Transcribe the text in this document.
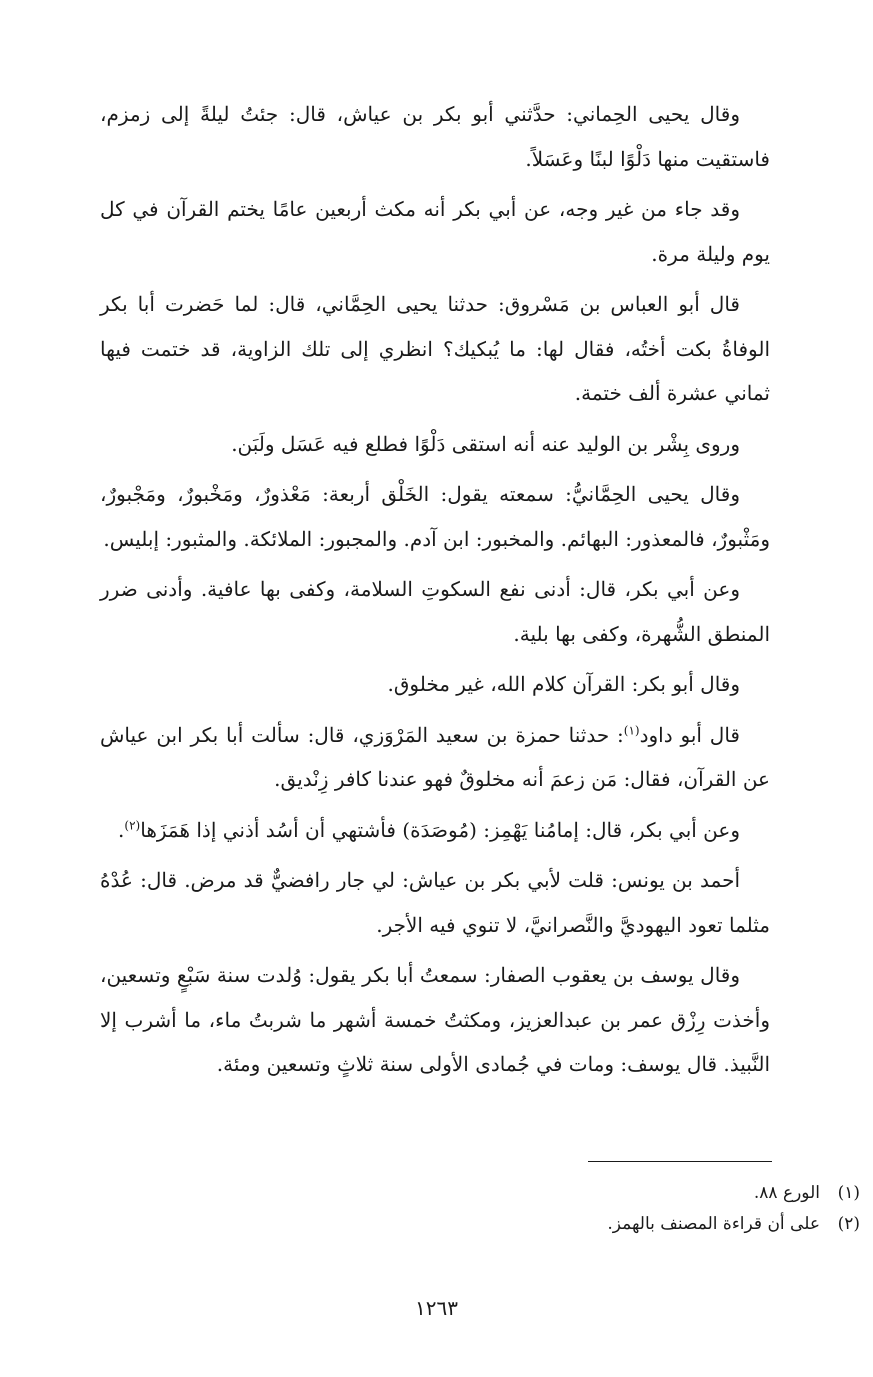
وقال يحيى الحِماني: حدَّثني أبو بكر بن عياش، قال: جئتُ ليلةً إلى زمزم، فاستقيت منها دَلْوًا لبنًا وعَسَلاً.

وقد جاء من غير وجه، عن أبي بكر أنه مكث أربعين عامًا يختم القرآن في كل يوم وليلة مرة.

قال أبو العباس بن مَسْروق: حدثنا يحيى الحِمَّاني، قال: لما حَضرت أبا بكر الوفاةُ بكت أختُه، فقال لها: ما يُبكيك؟ انظري إلى تلك الزاوية، قد ختمت فيها ثماني عشرة ألف ختمة.

وروى بِشْر بن الوليد عنه أنه استقى دَلْوًا فطلع فيه عَسَل ولَبَن.

وقال يحيى الحِمَّانيُّ: سمعته يقول: الخَلْق أربعة: مَعْذورٌ، ومَخْبورٌ، ومَجْبورٌ، ومَثْبورٌ، فالمعذور: البهائم. والمخبور: ابن آدم. والمجبور: الملائكة. والمثبور: إبليس.

وعن أبي بكر، قال: أدنى نفع السكوتِ السلامة، وكفى بها عافية. وأدنى ضرر المنطق الشُّهرة، وكفى بها بلية.

وقال أبو بكر: القرآن كلام الله، غير مخلوق.

قال أبو داود$^{(١)}$: حدثنا حمزة بن سعيد المَرْوَزي، قال: سألت أبا بكر ابن عياش عن القرآن، فقال: مَن زعمَ أنه مخلوقٌ فهو عندنا كافر زِنْديق.

وعن أبي بكر، قال: إمامُنا يَهْمِز: (مُوصَدَة) فأشتهي أن أسُد أذني إذا هَمَزَها$^{(٢)}$.

أحمد بن يونس: قلت لأبي بكر بن عياش: لي جار رافضيٌّ قد مرض. قال: عُدْهُ مثلما تعود اليهوديَّ والنَّصرانيَّ، لا تنوي فيه الأجر.

وقال يوسف بن يعقوب الصفار: سمعتُ أبا بكر يقول: وُلدت سنة سَبْعٍ وتسعين، وأخذت رِزْق عمر بن عبدالعزيز، ومكثتُ خمسة أشهر ما شربتُ ماء، ما أشرب إلا النَّبيذ. قال يوسف: ومات في جُمادى الأولى سنة ثلاثٍ وتسعين ومئة.

(١)الورع ٨٨.

(٢)على أن قراءة المصنف بالهمز.

١٢٦٣
